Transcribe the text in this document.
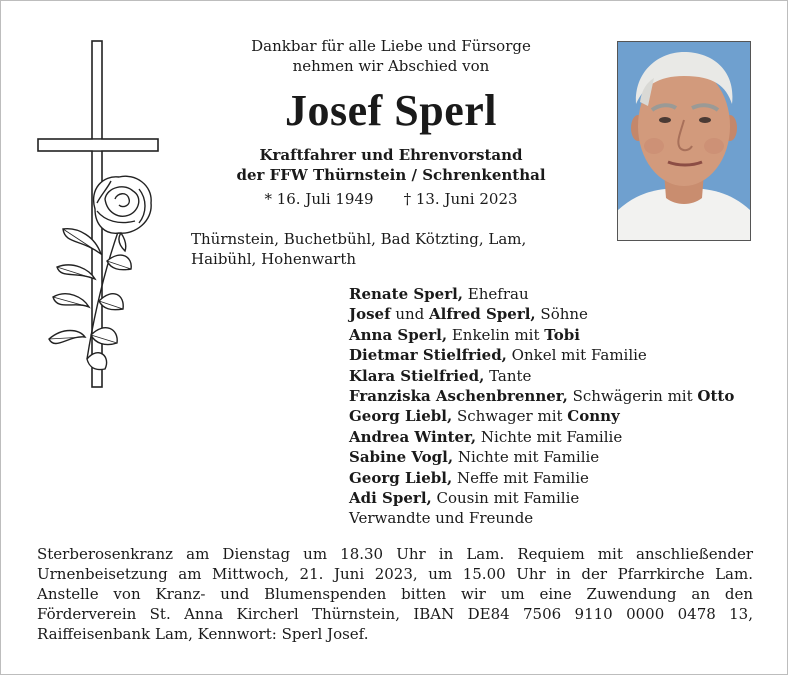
Dankbar für alle Liebe und Fürsorge
nehmen wir Abschied von
Josef Sperl
Kraftfahrer und Ehrenvorstand
der FFW Thürnstein / Schrenkenthal
* 16. Juli 1949 † 13. Juni 2023
Thürnstein, Buchetbühl, Bad Kötzting, Lam,
Haibühl, Hohenwarth
Renate Sperl, Ehefrau
Josef und Alfred Sperl, Söhne
Anna Sperl, Enkelin mit Tobi
Dietmar Stielfried, Onkel mit Familie
Klara Stielfried, Tante
Franziska Aschenbrenner, Schwägerin mit Otto
Georg Liebl, Schwager mit Conny
Andrea Winter, Nichte mit Familie
Sabine Vogl, Nichte mit Familie
Georg Liebl, Neffe mit Familie
Adi Sperl, Cousin mit Familie
Verwandte und Freunde
Sterberosenkranz am Dienstag um 18.30 Uhr in Lam. Requiem mit anschließender
Urnenbeisetzung am Mittwoch, 21. Juni 2023, um 15.00 Uhr in der Pfarrkirche Lam.
Anstelle von Kranz- und Blumenspenden bitten wir um eine Zuwendung an den
Förderverein St. Anna Kircherl Thürnstein, IBAN DE84 7506 9110 0000 0478 13,
Raiffeisenbank Lam, Kennwort: Sperl Josef.
